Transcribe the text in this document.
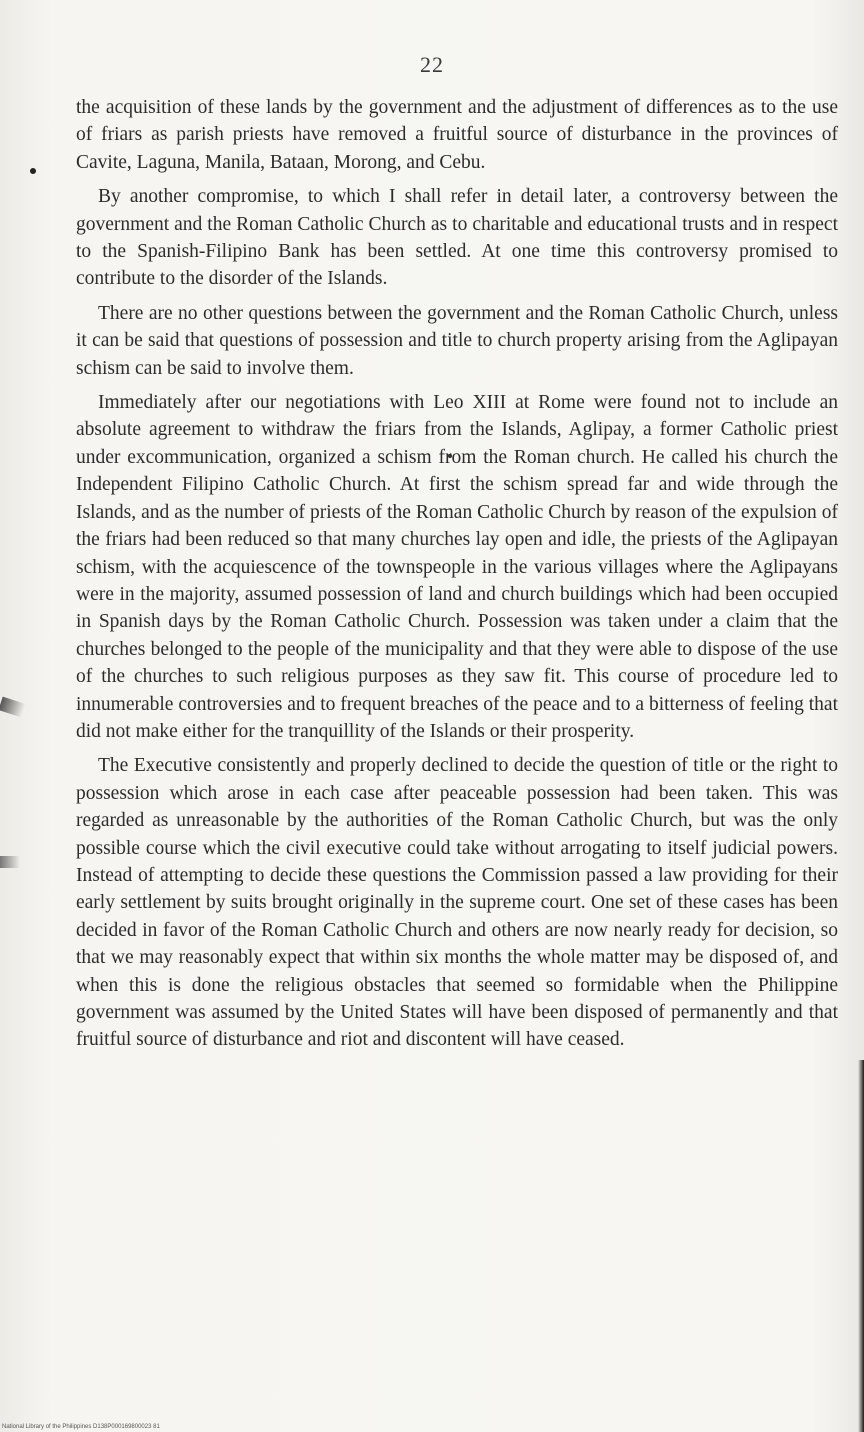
22

the acquisition of these lands by the government and the adjustment of differences as to the use of friars as parish priests have removed a fruitful source of disturbance in the provinces of Cavite, Laguna, Manila, Bataan, Morong, and Cebu.

By another compromise, to which I shall refer in detail later, a controversy between the government and the Roman Catholic Church as to charitable and educational trusts and in respect to the Spanish-Filipino Bank has been settled. At one time this controversy promised to contribute to the disorder of the Islands.

There are no other questions between the government and the Roman Catholic Church, unless it can be said that questions of possession and title to church property arising from the Aglipayan schism can be said to involve them.

Immediately after our negotiations with Leo XIII at Rome were found not to include an absolute agreement to withdraw the friars from the Islands, Aglipay, a former Catholic priest under excommunication, organized a schism from the Roman church. He called his church the Independent Filipino Catholic Church. At first the schism spread far and wide through the Islands, and as the number of priests of the Roman Catholic Church by reason of the expulsion of the friars had been reduced so that many churches lay open and idle, the priests of the Aglipayan schism, with the acquiescence of the townspeople in the various villages where the Aglipayans were in the majority, assumed possession of land and church buildings which had been occupied in Spanish days by the Roman Catholic Church. Possession was taken under a claim that the churches belonged to the people of the municipality and that they were able to dispose of the use of the churches to such religious purposes as they saw fit. This course of procedure led to innumerable controversies and to frequent breaches of the peace and to a bitterness of feeling that did not make either for the tranquillity of the Islands or their prosperity.

The Executive consistently and properly declined to decide the question of title or the right to possession which arose in each case after peaceable possession had been taken. This was regarded as unreasonable by the authorities of the Roman Catholic Church, but was the only possible course which the civil executive could take without arrogating to itself judicial powers. Instead of attempting to decide these questions the Commission passed a law providing for their early settlement by suits brought originally in the supreme court. One set of these cases has been decided in favor of the Roman Catholic Church and others are now nearly ready for decision, so that we may reasonably expect that within six months the whole matter may be disposed of, and when this is done the religious obstacles that seemed so formidable when the Philippine government was assumed by the United States will have been disposed of permanently and that fruitful source of disturbance and riot and discontent will have ceased.

National Library of the Philippines D138P000169800023 81
